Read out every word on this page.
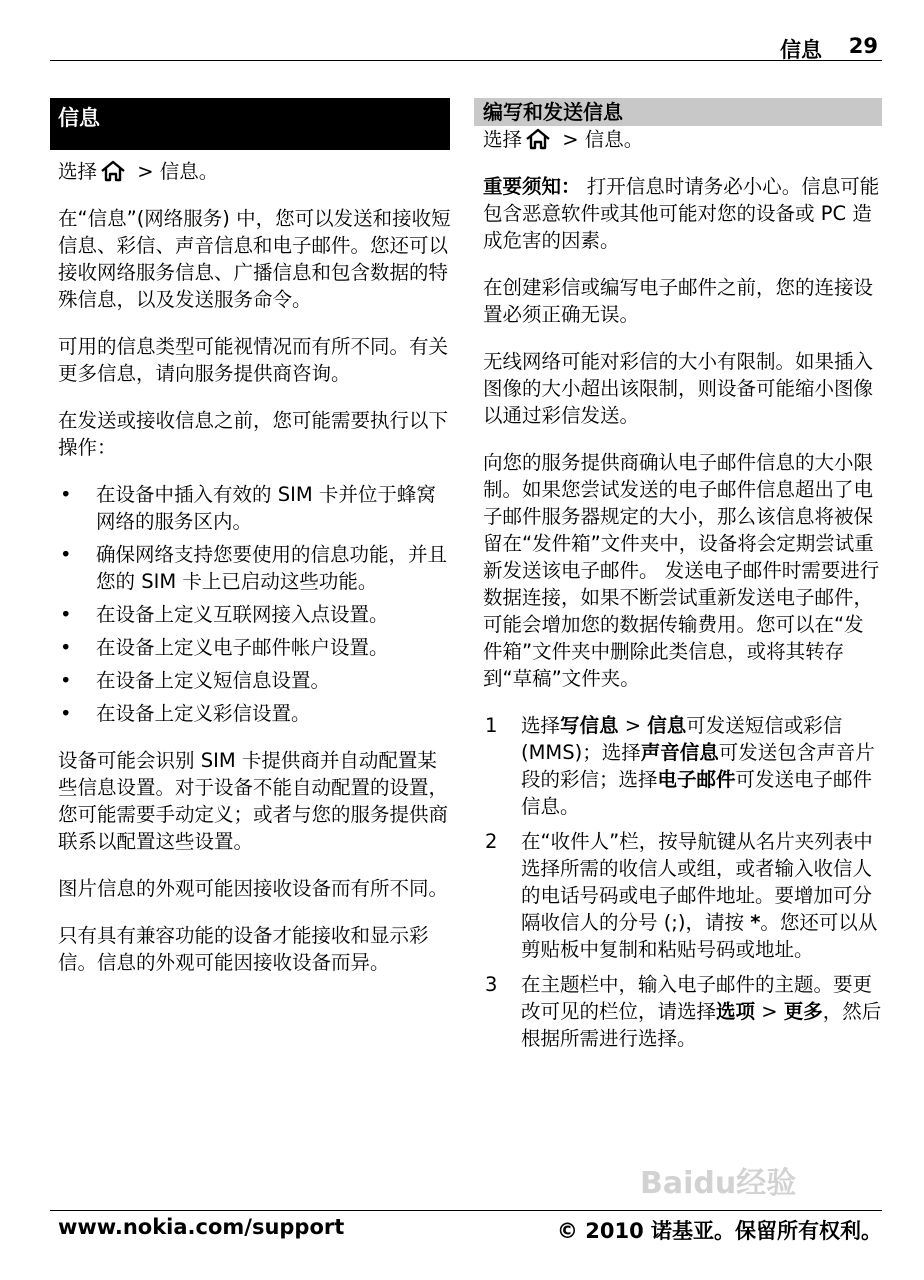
信息 29
信息

选择 > 信息。

在“信息”(网络服务) 中，您可以发送和接收短信息、彩信、声音信息和电子邮件。您还可以接收网络服务信息、广播信息和包含数据的特殊信息，以及发送服务命令。

可用的信息类型可能视情况而有所不同。有关更多信息，请向服务提供商咨询。

在发送或接收信息之前，您可能需要执行以下操作：

• 在设备中插入有效的 SIM 卡并位于蜂窝网络的服务区内。
• 确保网络支持您要使用的信息功能，并且您的 SIM 卡上已启动这些功能。
• 在设备上定义互联网接入点设置。
• 在设备上定义电子邮件帐户设置。
• 在设备上定义短信息设置。
• 在设备上定义彩信设置。

设备可能会识别 SIM 卡提供商并自动配置某些信息设置。对于设备不能自动配置的设置，您可能需要手动定义；或者与您的服务提供商联系以配置这些设置。

图片信息的外观可能因接收设备而有所不同。

只有具有兼容功能的设备才能接收和显示彩信。信息的外观可能因接收设备而异。

编写和发送信息

选择 > 信息。

重要须知： 打开信息时请务必小心。信息可能包含恶意软件或其他可能对您的设备或 PC 造成危害的因素。

在创建彩信或编写电子邮件之前，您的连接设置必须正确无误。

无线网络可能对彩信的大小有限制。如果插入图像的大小超出该限制，则设备可能缩小图像以通过彩信发送。

向您的服务提供商确认电子邮件信息的大小限制。如果您尝试发送的电子邮件信息超出了电子邮件服务器规定的大小，那么该信息将被保留在“发件箱”文件夹中，设备将会定期尝试重新发送该电子邮件。 发送电子邮件时需要进行数据连接，如果不断尝试重新发送电子邮件，可能会增加您的数据传输费用。您可以在“发件箱”文件夹中删除此类信息，或将其转存到“草稿”文件夹。

1 选择写信息 > 信息可发送短信或彩信 (MMS)；选择声音信息可发送包含声音片段的彩信；选择电子邮件可发送电子邮件信息。
2 在“收件人”栏，按导航键从名片夹列表中选择所需的收信人或组，或者输入收信人的电话号码或电子邮件地址。要增加可分隔收信人的分号 (;)，请按 *。您还可以从剪贴板中复制和粘贴号码或地址。
3 在主题栏中，输入电子邮件的主题。要更改可见的栏位，请选择选项 > 更多，然后根据所需进行选择。
www.nokia.com/support	© 2010 诺基亚。保留所有权利。
Baidu经验
